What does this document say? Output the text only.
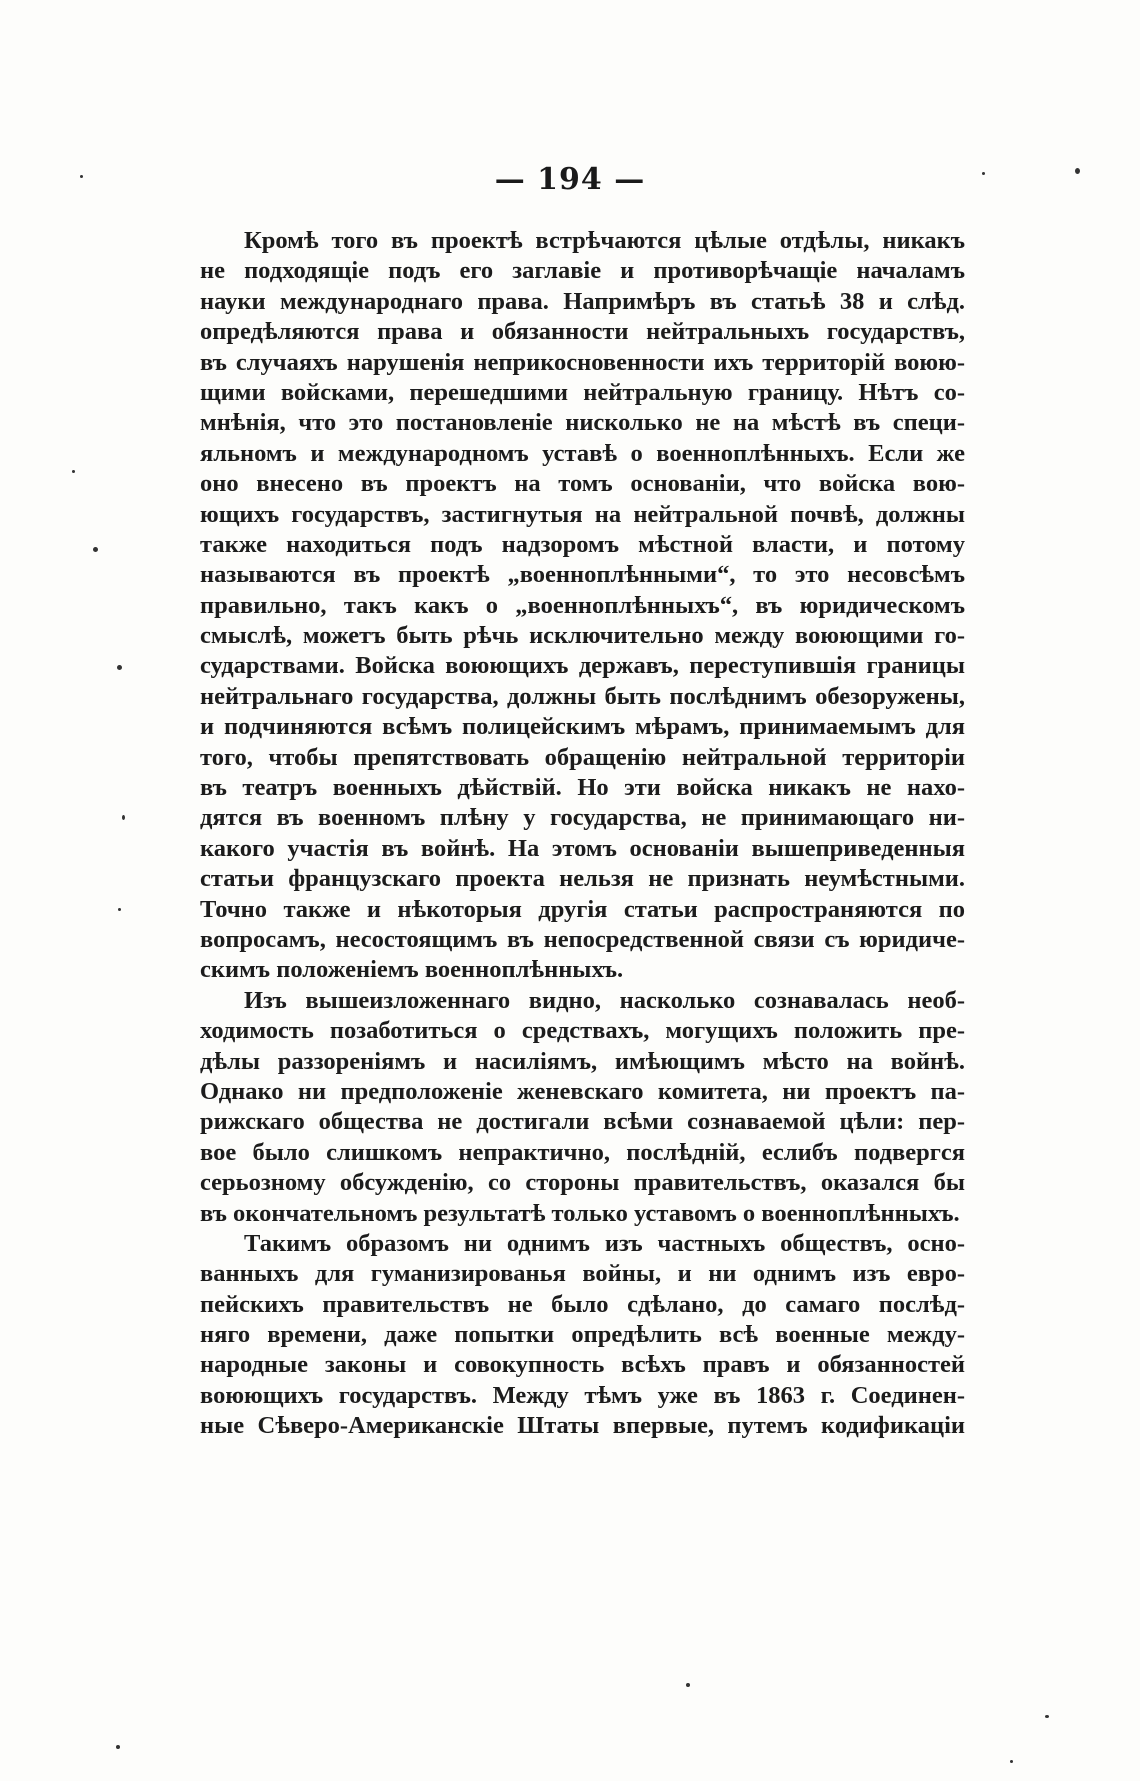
— 194 —
Кромѣ того въ проектѣ встрѣчаются цѣлые отдѣлы, никакъ
не подходящіе подъ его заглавіе и противорѣчащіе началамъ
науки международнаго права. Напримѣръ въ статьѣ 38 и слѣд.
опредѣляются права и обязанности нейтральныхъ государствъ,
въ случаяхъ нарушенія неприкосновенности ихъ территорій воюю-
щими войсками, перешедшими нейтральную границу. Нѣтъ со-
мнѣнія, что это постановленіе нисколько не на мѣстѣ въ специ-
яльномъ и международномъ уставѣ о военноплѣнныхъ. Если же
оно внесено въ проектъ на томъ основаніи, что войска вою-
ющихъ государствъ, застигнутыя на нейтральной почвѣ, должны
также находиться подъ надзоромъ мѣстной власти, и потому
называются въ проектѣ „военноплѣнными“, то это несовсѣмъ
правильно, такъ какъ о „военноплѣнныхъ“, въ юридическомъ
смыслѣ, можетъ быть рѣчь исключительно между воюющими го-
сударствами. Войска воюющихъ державъ, переступившія границы
нейтральнаго государства, должны быть послѣднимъ обезоружены,
и подчиняются всѣмъ полицейскимъ мѣрамъ, принимаемымъ для
того, чтобы препятствовать обращенію нейтральной территоріи
въ театръ военныхъ дѣйствій. Но эти войска никакъ не нахо-
дятся въ военномъ плѣну у государства, не принимающаго ни-
какого участія въ войнѣ. На этомъ основаніи вышеприведенныя
статьи французскаго проекта нельзя не признать неумѣстными.
Точно также и нѣкоторыя другія статьи распространяются по
вопросамъ, несостоящимъ въ непосредственной связи съ юридиче-
скимъ положеніемъ военноплѣнныхъ.
Изъ вышеизложеннаго видно, насколько сознавалась необ-
ходимость позаботиться о средствахъ, могущихъ положить пре-
дѣлы раззореніямъ и насиліямъ, имѣющимъ мѣсто на войнѣ.
Однако ни предположеніе женевскаго комитета, ни проектъ па-
рижскаго общества не достигали всѣми сознаваемой цѣли: пер-
вое было слишкомъ непрактично, послѣдній, еслибъ подвергся
серьозному обсужденію, со стороны правительствъ, оказался бы
въ окончательномъ результатѣ только уставомъ о военноплѣнныхъ.
Такимъ образомъ ни однимъ изъ частныхъ обществъ, осно-
ванныхъ для гуманизированья войны, и ни однимъ изъ евро-
пейскихъ правительствъ не было сдѣлано, до самаго послѣд-
няго времени, даже попытки опредѣлить всѣ военные между-
народные законы и совокупность всѣхъ правъ и обязанностей
воюющихъ государствъ. Между тѣмъ уже въ 1863 г. Соединен-
ные Сѣверо-Американскіе Штаты впервые, путемъ кодификаціи
